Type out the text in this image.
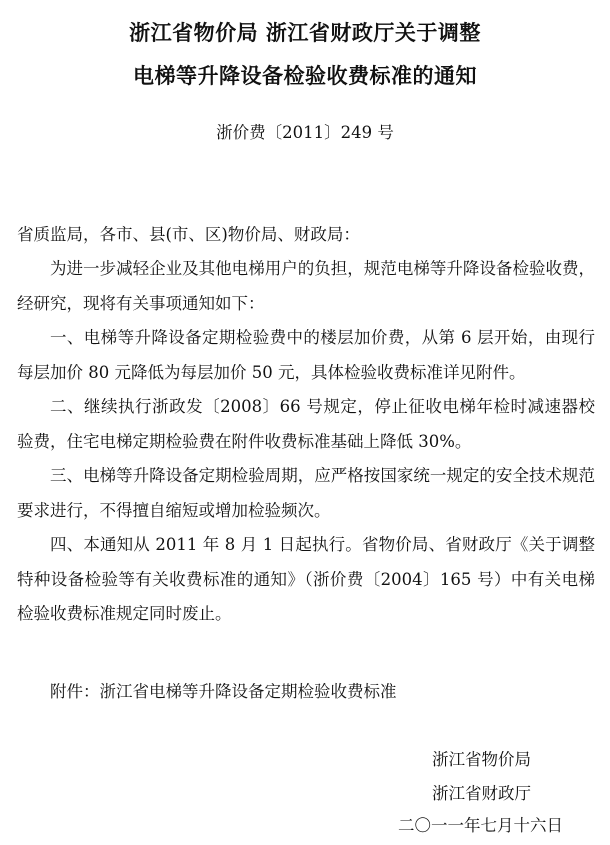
浙江省物价局 浙江省财政厅关于调整
电梯等升降设备检验收费标准的通知
浙价费〔2011〕249 号

省质监局，各市、县(市、区)物价局、财政局：

为进一步减轻企业及其他电梯用户的负担，规范电梯等升降设备检验收费，经研究，现将有关事项通知如下：

一、电梯等升降设备定期检验费中的楼层加价费，从第 6 层开始，由现行每层加价 80 元降低为每层加价 50 元，具体检验收费标准详见附件。

二、继续执行浙政发〔2008〕66 号规定，停止征收电梯年检时减速器校验费，住宅电梯定期检验费在附件收费标准基础上降低 30%。

三、电梯等升降设备定期检验周期，应严格按国家统一规定的安全技术规范要求进行，不得擅自缩短或增加检验频次。

四、本通知从 2011 年 8 月 1 日起执行。省物价局、省财政厅《关于调整特种设备检验等有关收费标准的通知》（浙价费〔2004〕165 号）中有关电梯检验收费标准规定同时废止。

附件：浙江省电梯等升降设备定期检验收费标准
浙江省物价局
浙江省财政厅
二〇一一年七月十六日
